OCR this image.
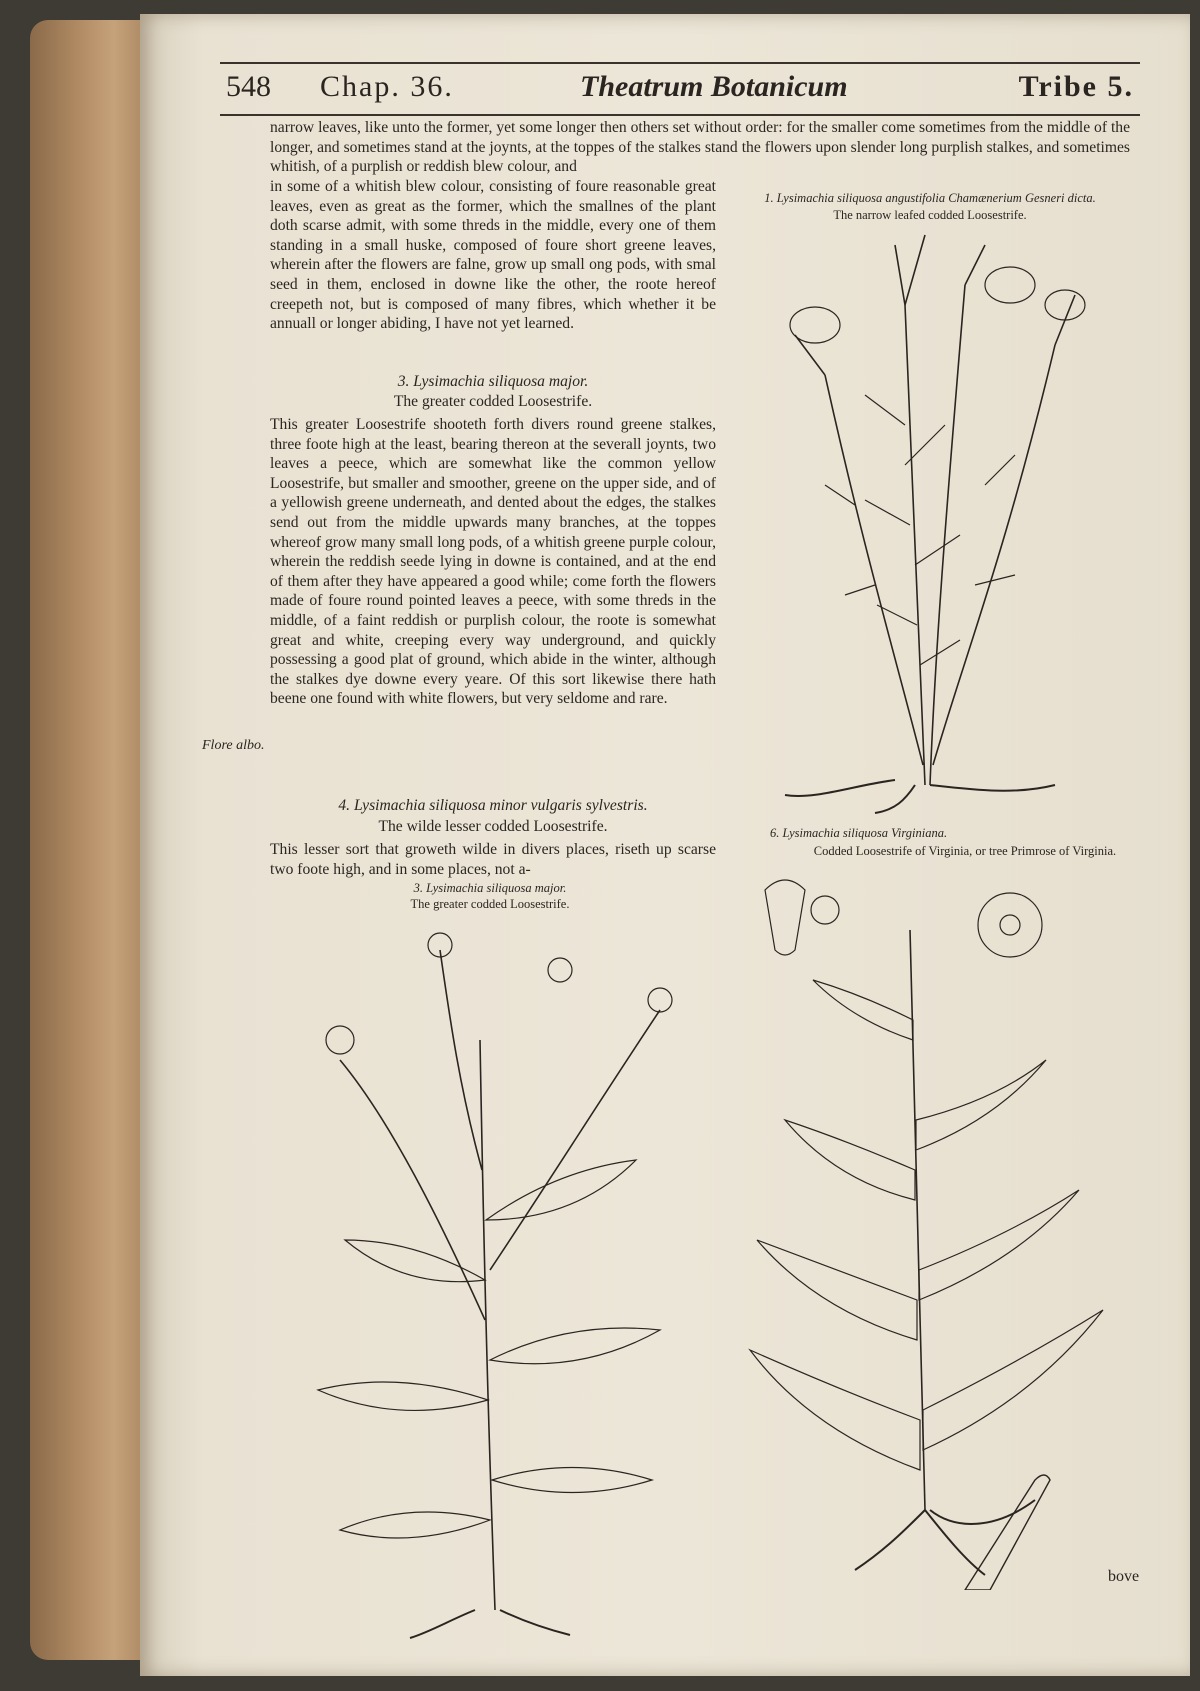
548 Chap. 36.	Theatrum Botanicum	Tribe 5.

narrow leaves, like unto the former, yet some longer then others set without order: for the smaller come sometimes from the middle of the longer, and sometimes stand at the joynts, at the toppes of the stalkes stand the flowers upon slender long purplish stalkes, and sometimes whitish, of a purplish or reddish blew colour, and

in some of a whitish blew colour, consisting of foure reasonable great leaves, even as great as the former, which the smallnes of the plant doth scarse admit, with some threds in the middle, every one of them standing in a small huske, composed of foure short greene leaves, wherein after the flowers are falne, grow up small ong pods, with smal seed in them, enclosed in downe like the other, the roote hereof creepeth not, but is composed of many fibres, which whether it be annuall or longer abiding, I have not yet learned.

3. Lysimachia siliquosa major.

The greater codded Loosestrife.

This greater Loosestrife shooteth forth divers round greene stalkes, three foote high at the least, bearing thereon at the severall joynts, two leaves a peece, which are somewhat like the common yellow Loosestrife, but smaller and smoother, greene on the upper side, and of a yellowish greene underneath, and dented about the edges, the stalkes send out from the middle upwards many branches, at the toppes whereof grow many small long pods, of a whitish greene purple colour, wherein the reddish seede lying in downe is contained, and at the end of them after they have appeared a good while; come forth the flowers made of foure round pointed leaves a peece, with some threds in the middle, of a faint reddish or purplish colour, the roote is somewhat great and white, creeping every way underground, and quickly possessing a good plat of ground, which abide in the winter, although the stalkes dye downe every yeare. Of this sort likewise there hath beene one found with white flowers, but very seldome and rare.

Flore albo.

4. Lysimachia siliquosa minor vulgaris sylvestris.

The wilde lesser codded Loosestrife.

This lesser sort that groweth wilde in divers places, riseth up scarse two foote high, and in some places, not a-

1. Lysimachia siliquosa angustifolia Chamænerium Gesneri dicta.

The narrow leafed codded Loosestrife.

3. Lysimachia siliquosa major.

The greater codded Loosestrife.

6. Lysimachia siliquosa Virginiana.

Codded Loosestrife of Virginia, or tree Primrose of Virginia.

bove
